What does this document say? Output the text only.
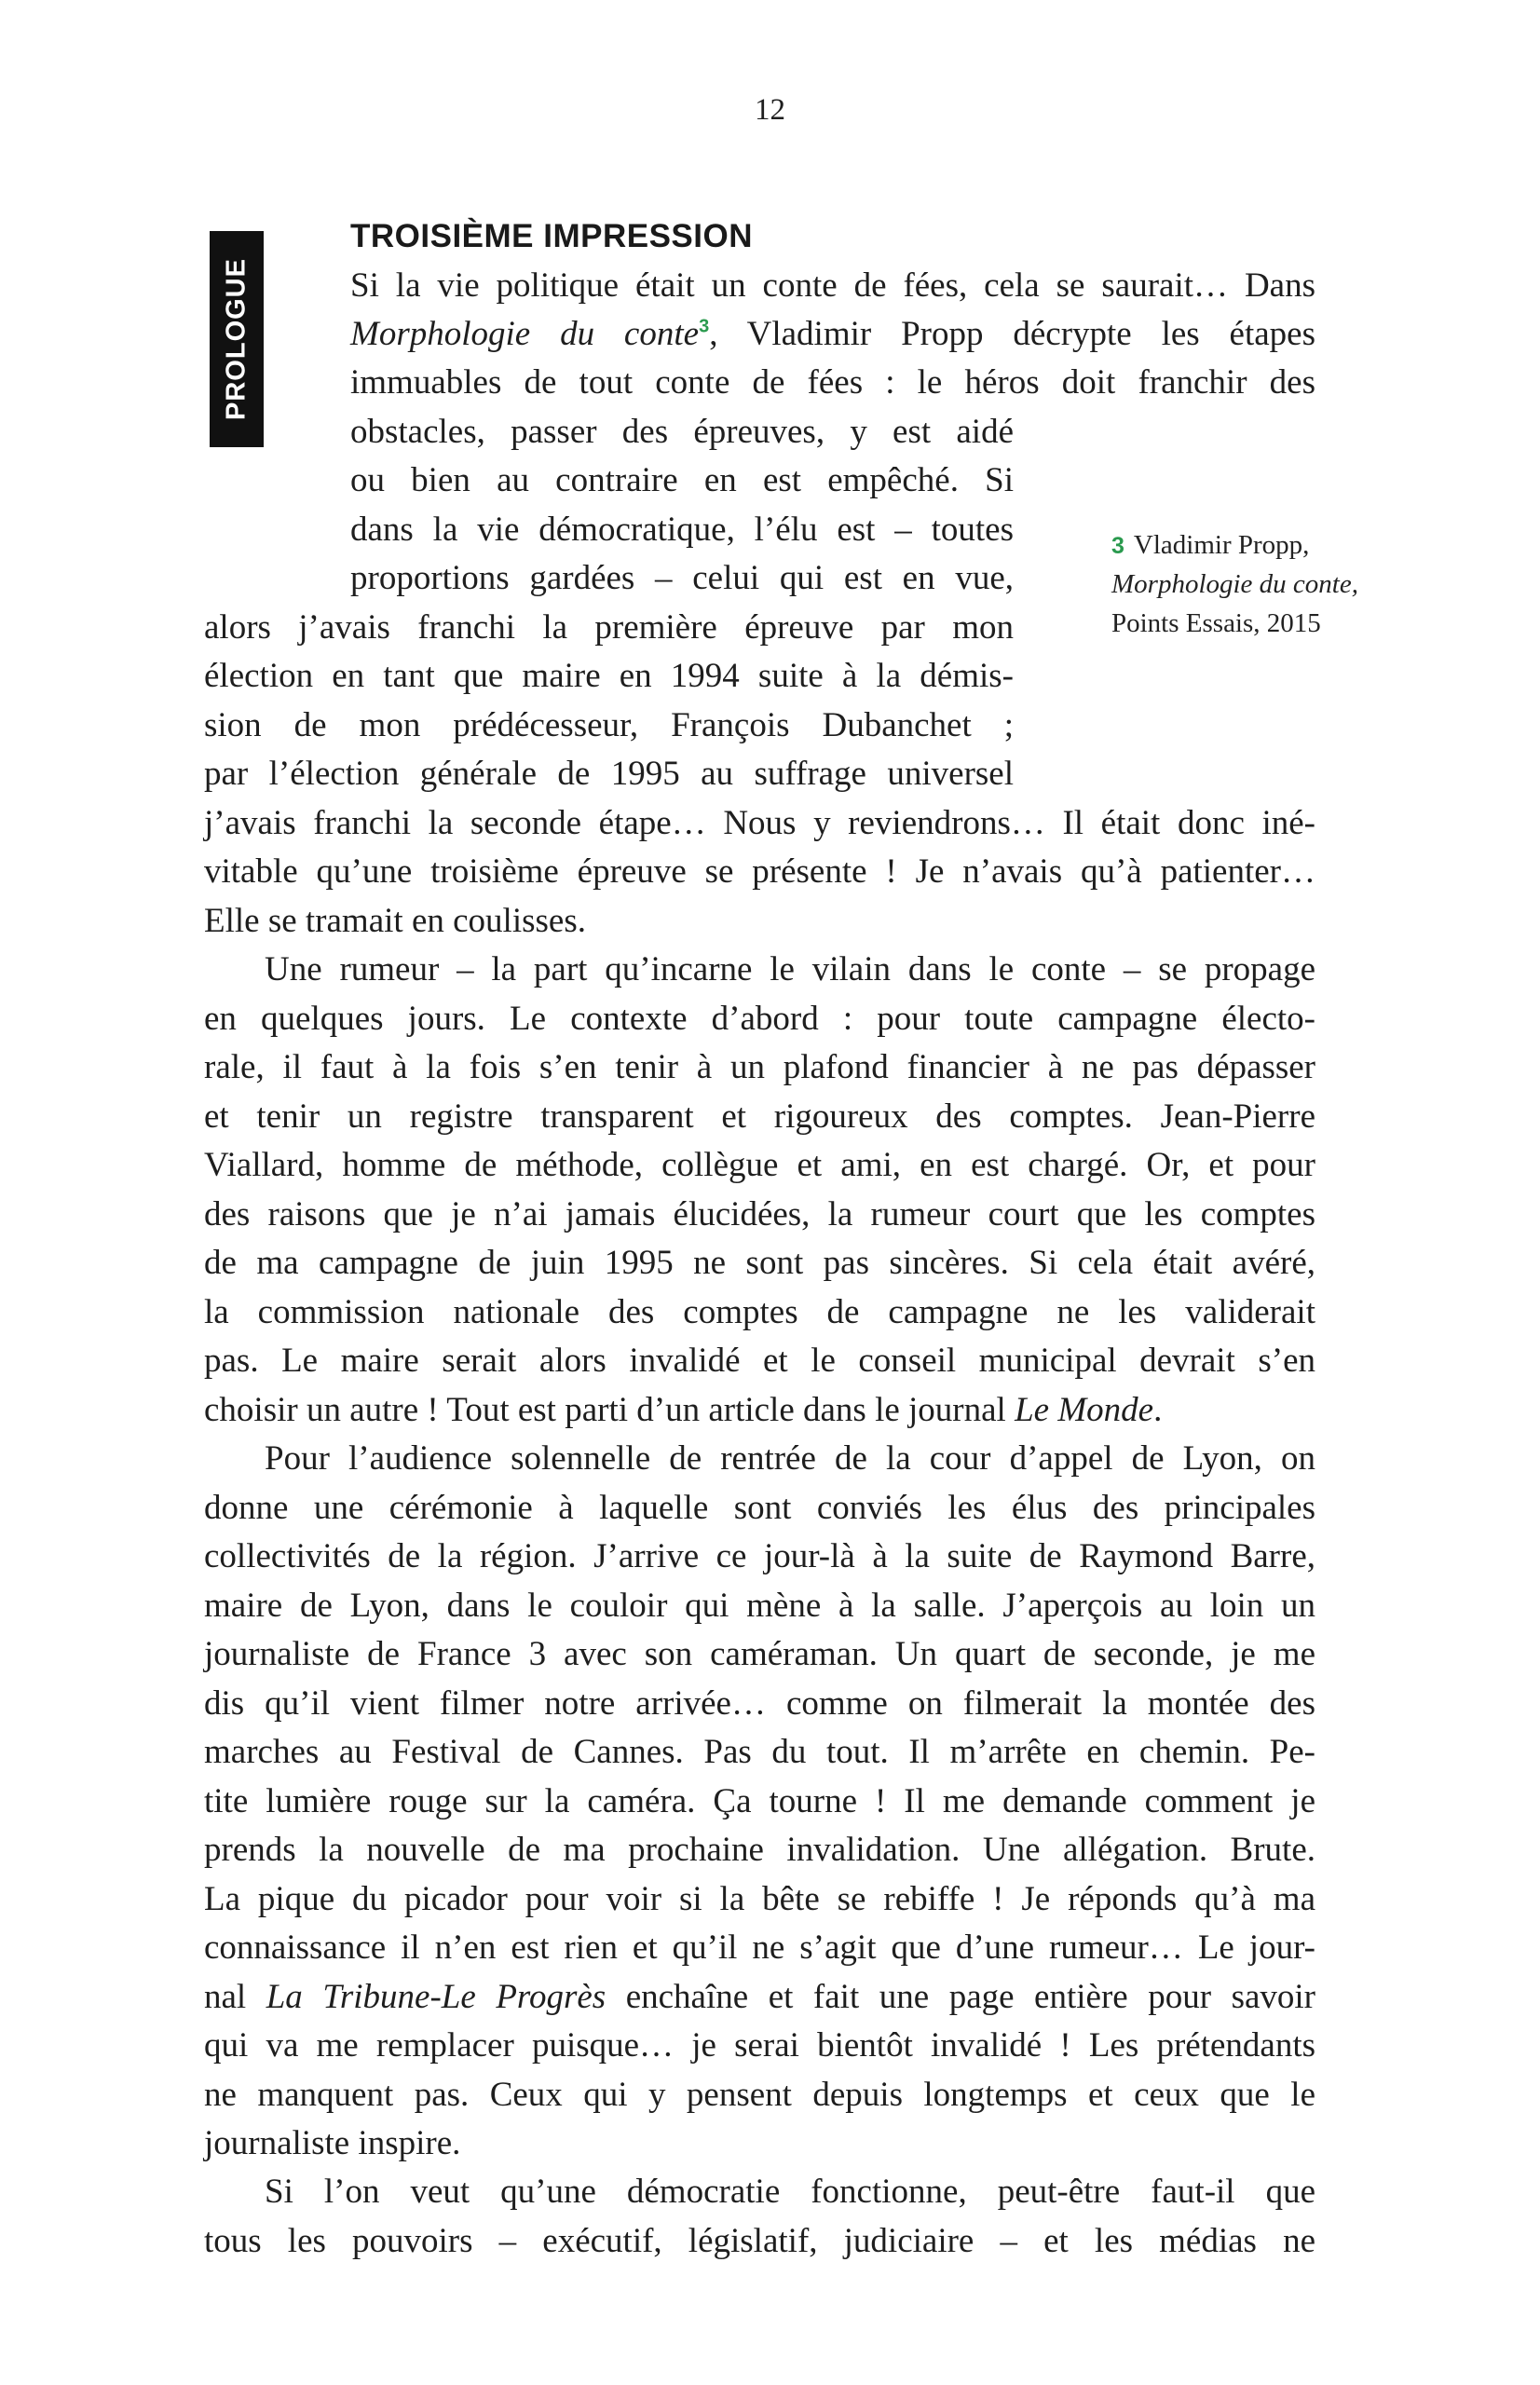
12
PROLOGUE
TROISIÈME IMPRESSION
Si la vie politique était un conte de fées, cela se saurait… Dans
Morphologie du conte$^3$, Vladimir Propp décrypte les étapes
immuables de tout conte de fées : le héros doit franchir des
obstacles, passer des épreuves, y est aidé
ou bien au contraire en est empêché. Si
dans la vie démocratique, l’élu est – toutes
proportions gardées – celui qui est en vue,
alors j’avais franchi la première épreuve par mon
élection en tant que maire en 1994 suite à la démis-
sion de mon prédécesseur, François Dubanchet ;
par l’élection générale de 1995 au suffrage universel
j’avais franchi la seconde étape… Nous y reviendrons… Il était donc iné-
vitable qu’une troisième épreuve se présente ! Je n’avais qu’à patienter…
Elle se tramait en coulisses.
3 Vladimir Propp,
Morphologie du conte,
Points Essais, 2015
Une rumeur – la part qu’incarne le vilain dans le conte – se propage
en quelques jours. Le contexte d’abord : pour toute campagne électo-
rale, il faut à la fois s’en tenir à un plafond financier à ne pas dépasser
et tenir un registre transparent et rigoureux des comptes. Jean-Pierre
Viallard, homme de méthode, collègue et ami, en est chargé. Or, et pour
des raisons que je n’ai jamais élucidées, la rumeur court que les comptes
de ma campagne de juin 1995 ne sont pas sincères. Si cela était avéré,
la commission nationale des comptes de campagne ne les validerait
pas. Le maire serait alors invalidé et le conseil municipal devrait s’en
choisir un autre ! Tout est parti d’un article dans le journal Le Monde.
Pour l’audience solennelle de rentrée de la cour d’appel de Lyon, on
donne une cérémonie à laquelle sont conviés les élus des principales
collectivités de la région. J’arrive ce jour-là à la suite de Raymond Barre,
maire de Lyon, dans le couloir qui mène à la salle. J’aperçois au loin un
journaliste de France 3 avec son caméraman. Un quart de seconde, je me
dis qu’il vient filmer notre arrivée… comme on filmerait la montée des
marches au Festival de Cannes. Pas du tout. Il m’arrête en chemin. Pe-
tite lumière rouge sur la caméra. Ça tourne ! Il me demande comment je
prends la nouvelle de ma prochaine invalidation. Une allégation. Brute.
La pique du picador pour voir si la bête se rebiffe ! Je réponds qu’à ma
connaissance il n’en est rien et qu’il ne s’agit que d’une rumeur… Le jour-
nal La Tribune-Le Progrès enchaîne et fait une page entière pour savoir
qui va me remplacer puisque… je serai bientôt invalidé ! Les prétendants
ne manquent pas. Ceux qui y pensent depuis longtemps et ceux que le
journaliste inspire.
Si l’on veut qu’une démocratie fonctionne, peut-être faut-il que
tous les pouvoirs – exécutif, législatif, judiciaire – et les médias ne
